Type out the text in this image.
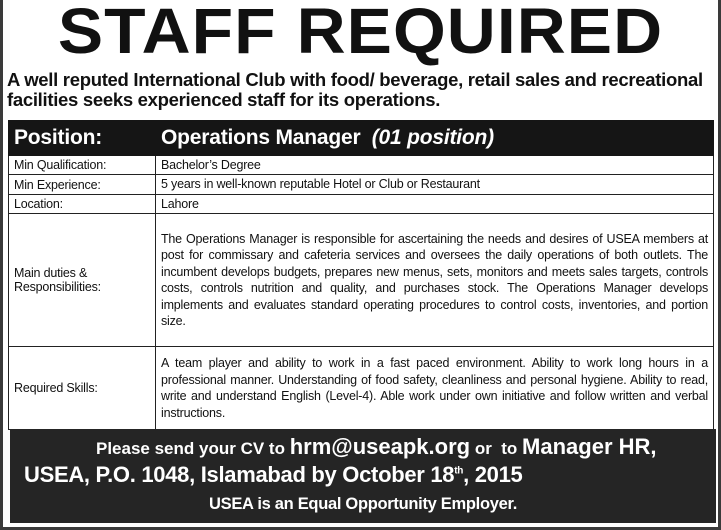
STAFF REQUIRED
A well reputed International Club with food/ beverage, retail sales and recreational facilities seeks experienced staff for its operations.
Position:	Operations Manager (01 position)
Min Qualification:	Bachelor’s Degree
Min Experience:	5 years in well-known reputable Hotel or Club or Restaurant
Location:	Lahore
Main duties & Responsibilities:	The Operations Manager is responsible for ascertaining the needs and desires of USEA members at post for commissary and cafeteria services and oversees the daily operations of both outlets. The incumbent develops budgets, prepares new menus, sets, monitors and meets sales targets, controls costs, controls nutrition and quality, and purchases stock. The Operations Manager develops implements and evaluates standard operating procedures to control costs, inventories, and portion size.
Required Skills:	A team player and ability to work in a fast paced environment. Ability to work long hours in a professional manner. Understanding of food safety, cleanliness and personal hygiene. Ability to read, write and understand English (Level-4). Able work under own initiative and follow written and verbal instructions.
Please send your CV to hrm@useapk.org or to Manager HR,
USEA, P.O. 1048, Islamabad by October 18th, 2015
USEA is an Equal Opportunity Employer.
